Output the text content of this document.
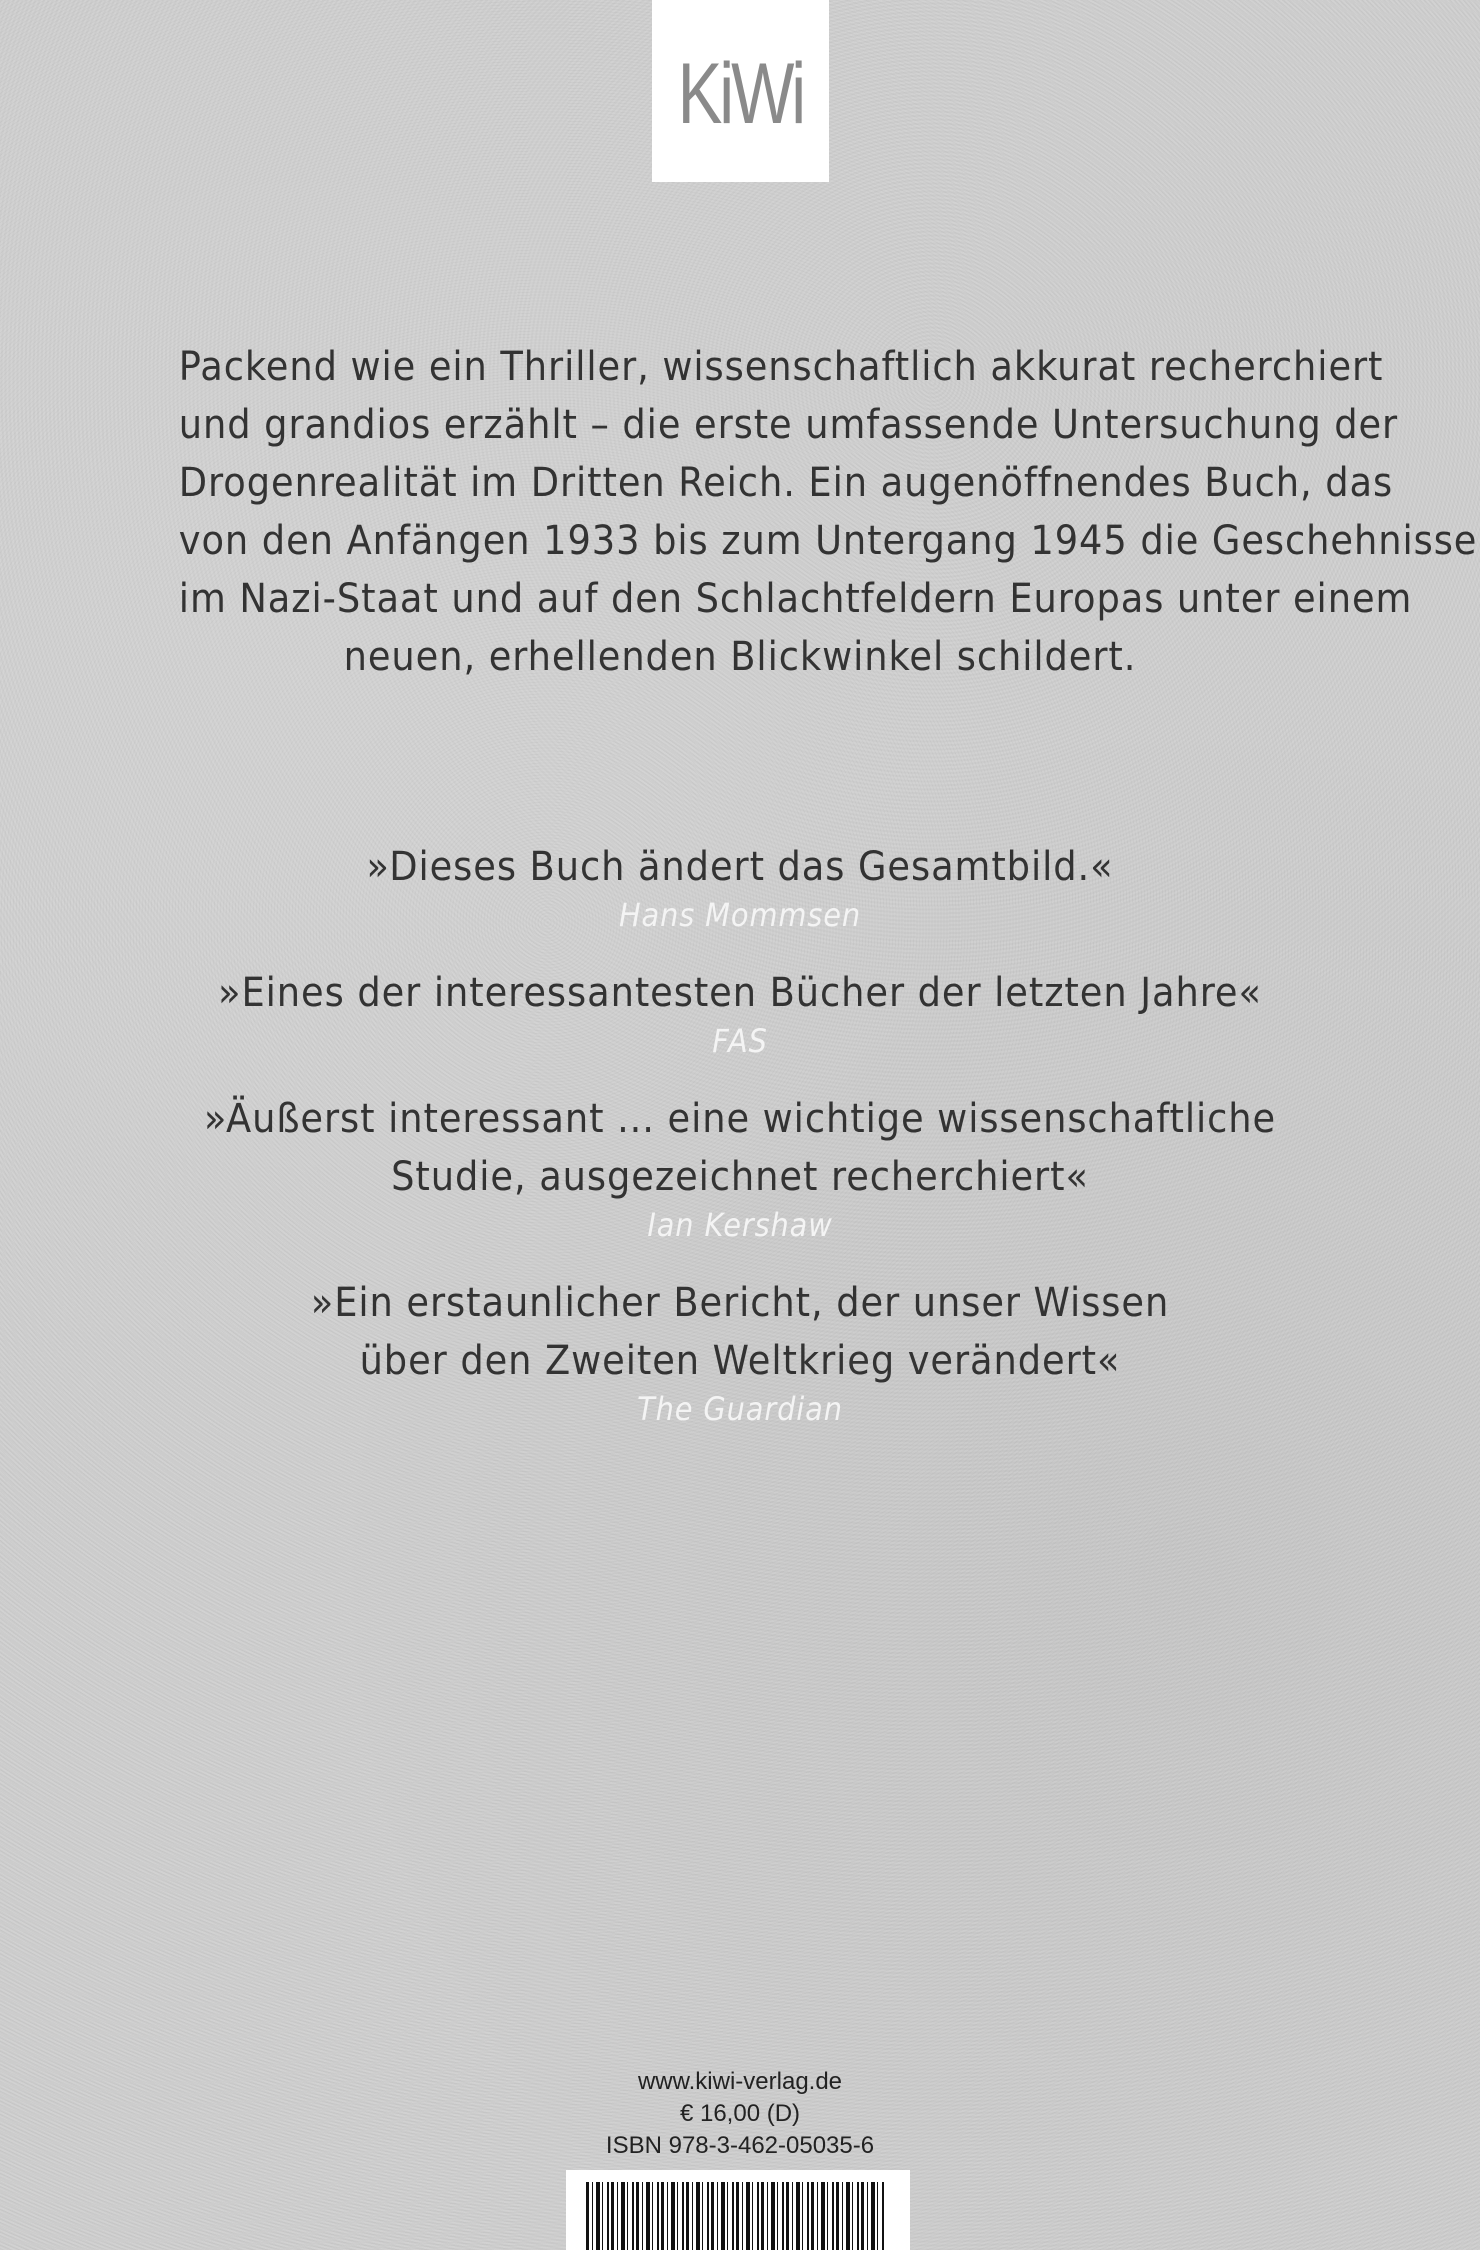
KiWi

Packend wie ein Thriller, wissenschaftlich akkurat recherchiert
und grandios erzählt – die erste umfassende Untersuchung der
Drogenrealität im Dritten Reich. Ein augenöffnendes Buch, das
von den Anfängen 1933 bis zum Untergang 1945 die Geschehnisse
im Nazi-Staat und auf den Schlachtfeldern Europas unter einem
neuen, erhellenden Blickwinkel schildert.

»Dieses Buch ändert das Gesamtbild.«
Hans Mommsen
»Eines der interessantesten Bücher der letzten Jahre«
FAS
»Äußerst interessant ... eine wichtige wissenschaftliche
Studie, ausgezeichnet recherchiert«
Ian Kershaw
»Ein erstaunlicher Bericht, der unser Wissen
über den Zweiten Weltkrieg verändert«
The Guardian
www.kiwi-verlag.de
€ 16,00 (D)
ISBN 978-3-462-05035-6
